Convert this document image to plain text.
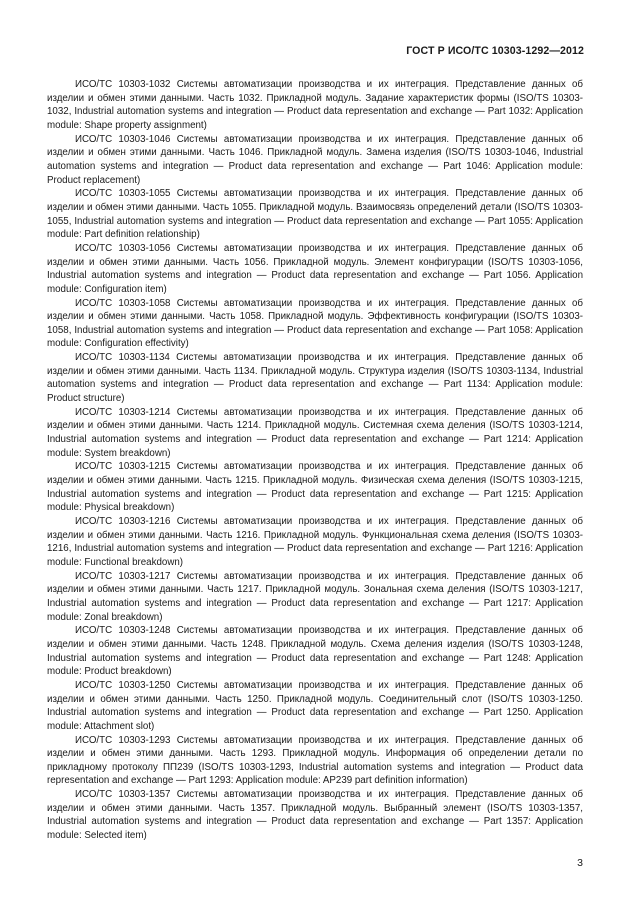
ГОСТ Р ИСО/ТС 10303-1292—2012

ИСО/ТС 10303-1032 Системы автоматизации производства и их интеграция. Представление данных об изделии и обмен этими данными. Часть 1032. Прикладной модуль. Задание характеристик формы (ISO/TS 10303-1032, Industrial automation systems and integration — Product data representation and exchange — Part 1032: Application module: Shape property assignment)

ИСО/ТС 10303-1046 Системы автоматизации производства и их интеграция. Представление данных об изделии и обмен этими данными. Часть 1046. Прикладной модуль. Замена изделия (ISO/TS 10303-1046, Industrial automation systems and integration — Product data representation and exchange — Part 1046: Application module: Product replacement)

ИСО/ТС 10303-1055 Системы автоматизации производства и их интеграция. Представление данных об изделии и обмен этими данными. Часть 1055. Прикладной модуль. Взаимосвязь определений детали (ISO/TS 10303-1055, Industrial automation systems and integration — Product data representation and exchange — Part 1055: Application module: Part definition relationship)

ИСО/ТС 10303-1056 Системы автоматизации производства и их интеграция. Представление данных об изделии и обмен этими данными. Часть 1056. Прикладной модуль. Элемент конфигурации (ISO/TS 10303-1056, Industrial automation systems and integration — Product data representation and exchange — Part 1056. Application module: Configuration item)

ИСО/ТС 10303-1058 Системы автоматизации производства и их интеграция. Представление данных об изделии и обмен этими данными. Часть 1058. Прикладной модуль. Эффективность конфигурации (ISO/TS 10303-1058, Industrial automation systems and integration — Product data representation and exchange — Part 1058: Application module: Configuration effectivity)

ИСО/ТС 10303-1134 Системы автоматизации производства и их интеграция. Представление данных об изделии и обмен этими данными. Часть 1134. Прикладной модуль. Структура изделия (ISO/TS 10303-1134, Industrial automation systems and integration — Product data representation and exchange — Part 1134: Application module: Product structure)

ИСО/ТС 10303-1214 Системы автоматизации производства и их интеграция. Представление данных об изделии и обмен этими данными. Часть 1214. Прикладной модуль. Системная схема деления (ISO/TS 10303-1214, Industrial automation systems and integration — Product data representation and exchange — Part 1214: Application module: System breakdown)

ИСО/ТС 10303-1215 Системы автоматизации производства и их интеграция. Представление данных об изделии и обмен этими данными. Часть 1215. Прикладной модуль. Физическая схема деления (ISO/TS 10303-1215, Industrial automation systems and integration — Product data representation and exchange — Part 1215: Application module: Physical breakdown)

ИСО/ТС 10303-1216 Системы автоматизации производства и их интеграция. Представление данных об изделии и обмен этими данными. Часть 1216. Прикладной модуль. Функциональная схема деления (ISO/TS 10303-1216, Industrial automation systems and integration — Product data representation and exchange — Part 1216: Application module: Functional breakdown)

ИСО/ТС 10303-1217 Системы автоматизации производства и их интеграция. Представление данных об изделии и обмен этими данными. Часть 1217. Прикладной модуль. Зональная схема деления (ISO/TS 10303-1217, Industrial automation systems and integration — Product data representation and exchange — Part 1217: Application module: Zonal breakdown)

ИСО/ТС 10303-1248 Системы автоматизации производства и их интеграция. Представление данных об изделии и обмен этими данными. Часть 1248. Прикладной модуль. Схема деления изделия (ISO/TS 10303-1248, Industrial automation systems and integration — Product data representation and exchange — Part 1248: Application module: Product breakdown)

ИСО/ТС 10303-1250 Системы автоматизации производства и их интеграция. Представление данных об изделии и обмен этими данными. Часть 1250. Прикладной модуль. Соединительный слот (ISO/TS 10303-1250. Industrial automation systems and integration — Product data representation and exchange — Part 1250. Application module: Attachment slot)

ИСО/ТС 10303-1293 Системы автоматизации производства и их интеграция. Представление данных об изделии и обмен этими данными. Часть 1293. Прикладной модуль. Информация об определении детали по прикладному протоколу ПП239 (ISO/TS 10303-1293, Industrial automation systems and integration — Product data representation and exchange — Part 1293: Application module: AP239 part definition information)

ИСО/ТС 10303-1357 Системы автоматизации производства и их интеграция. Представление данных об изделии и обмен этими данными. Часть 1357. Прикладной модуль. Выбранный элемент (ISO/TS 10303-1357, Industrial automation systems and integration — Product data representation and exchange — Part 1357: Application module: Selected item)

3
